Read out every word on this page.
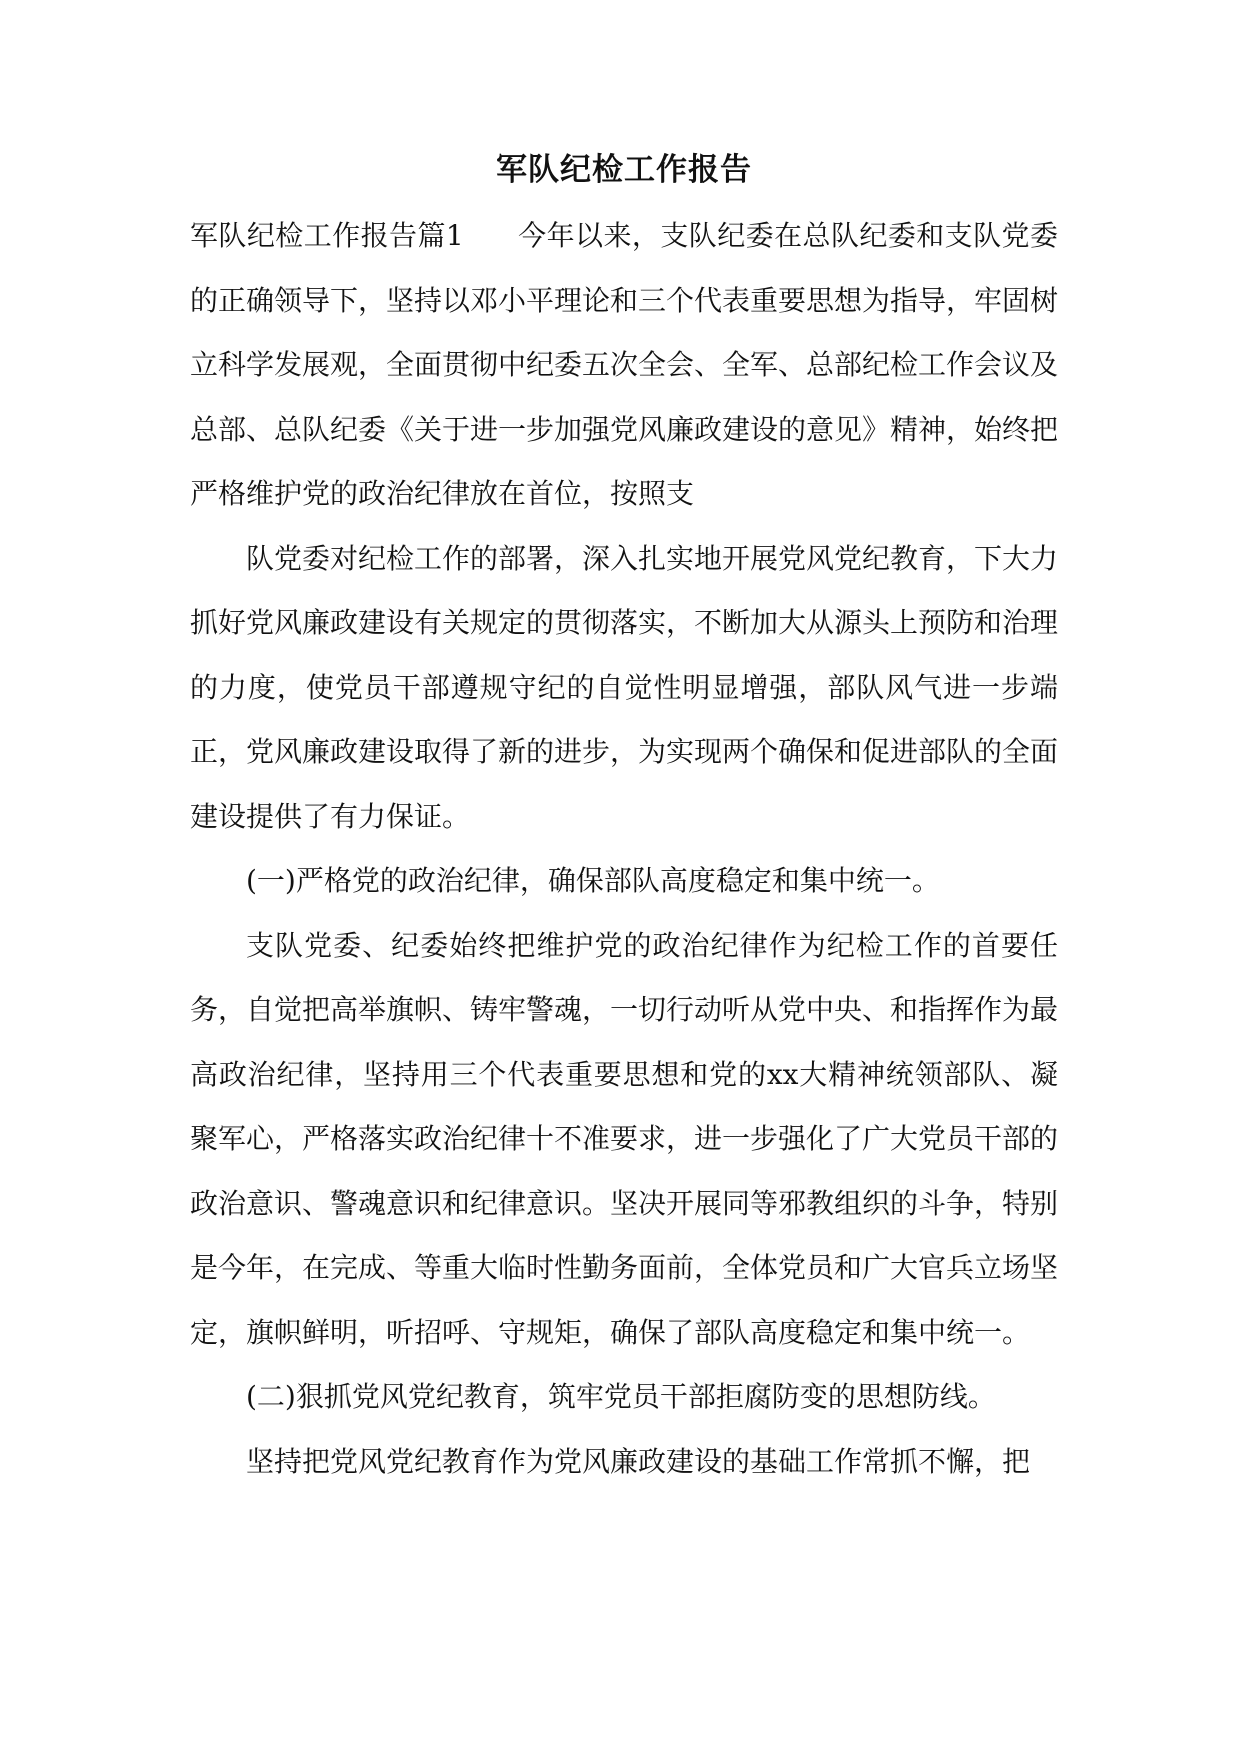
军队纪检工作报告

军队纪检工作报告篇1 今年以来，支队纪委在总队纪委和支队党委的正确领导下，坚持以邓小平理论和三个代表重要思想为指导，牢固树立科学发展观，全面贯彻中纪委五次全会、全军、总部纪检工作会议及总部、总队纪委《关于进一步加强党风廉政建设的意见》精神，始终把严格维护党的政治纪律放在首位，按照支

队党委对纪检工作的部署，深入扎实地开展党风党纪教育，下大力抓好党风廉政建设有关规定的贯彻落实，不断加大从源头上预防和治理的力度，使党员干部遵规守纪的自觉性明显增强，部队风气进一步端正，党风廉政建设取得了新的进步，为实现两个确保和促进部队的全面建设提供了有力保证。

(一)严格党的政治纪律，确保部队高度稳定和集中统一。

支队党委、纪委始终把维护党的政治纪律作为纪检工作的首要任务，自觉把高举旗帜、铸牢警魂，一切行动听从党中央、和指挥作为最高政治纪律，坚持用三个代表重要思想和党的xx大精神统领部队、凝聚军心，严格落实政治纪律十不准要求，进一步强化了广大党员干部的政治意识、警魂意识和纪律意识。坚决开展同等邪教组织的斗争，特别是今年，在完成、等重大临时性勤务面前，全体党员和广大官兵立场坚定，旗帜鲜明，听招呼、守规矩，确保了部队高度稳定和集中统一。

(二)狠抓党风党纪教育，筑牢党员干部拒腐防变的思想防线。

坚持把党风党纪教育作为党风廉政建设的基础工作常抓不懈，把
